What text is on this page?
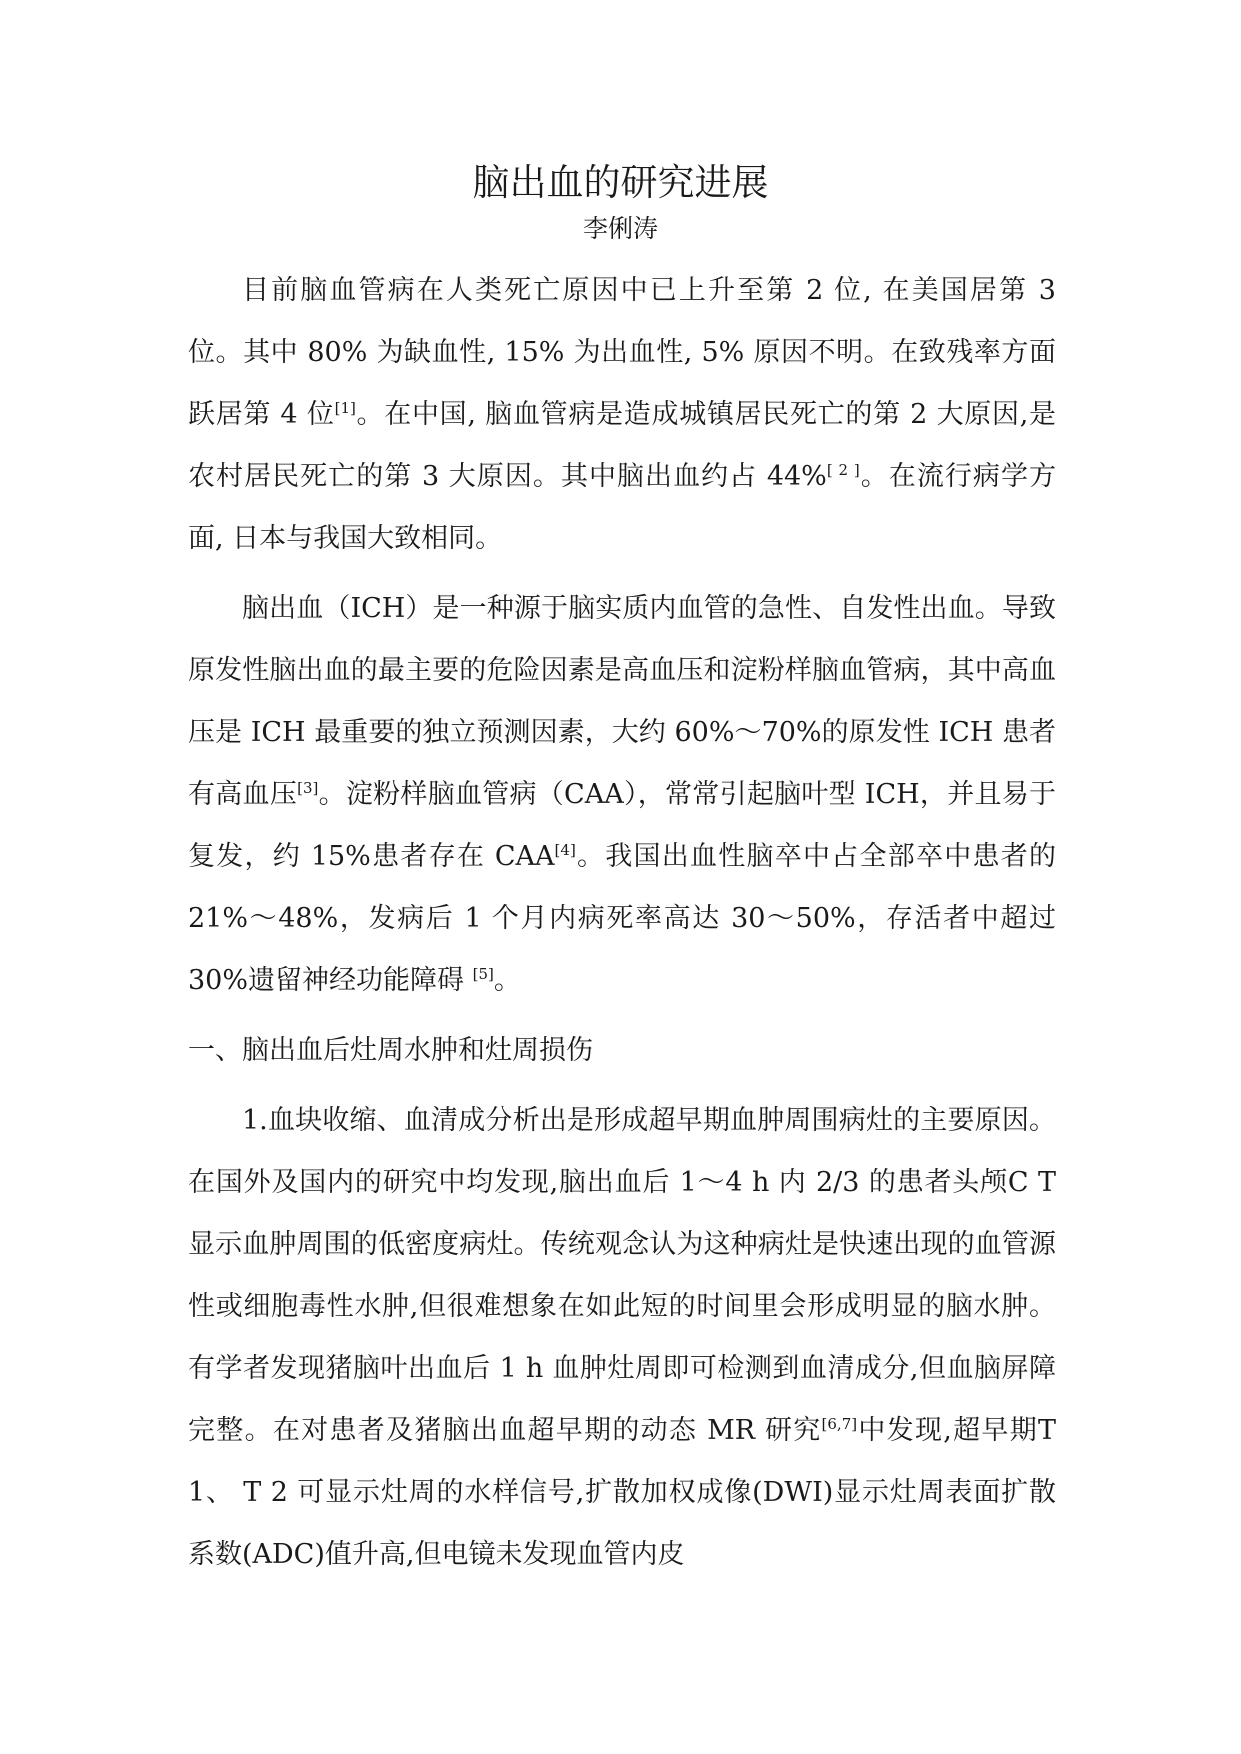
脑出血的研究进展
李俐涛

目前脑血管病在人类死亡原因中已上升至第 2 位, 在美国居第 3 位。其中 80% 为缺血性, 15% 为出血性, 5% 原因不明。在致残率方面跃居第 4 位[1]。在中国, 脑血管病是造成城镇居民死亡的第 2 大原因,是农村居民死亡的第 3 大原因。其中脑出血约占 44%[ 2 ]。在流行病学方面, 日本与我国大致相同。

脑出血（ICH）是一种源于脑实质内血管的急性、自发性出血。导致原发性脑出血的最主要的危险因素是高血压和淀粉样脑血管病，其中高血压是 ICH 最重要的独立预测因素，大约 60%～70%的原发性 ICH 患者有高血压[3]。淀粉样脑血管病（CAA），常常引起脑叶型 ICH，并且易于复发，约 15%患者存在 CAA[4]。我国出血性脑卒中占全部卒中患者的 21%～48%，发病后 1 个月内病死率高达 30～50%，存活者中超过 30%遗留神经功能障碍 [5]。

一、脑出血后灶周水肿和灶周损伤

1.血块收缩、血清成分析出是形成超早期血肿周围病灶的主要原因。在国外及国内的研究中均发现,脑出血后 1～4 h 内 2/3 的患者头颅C T显示血肿周围的低密度病灶。传统观念认为这种病灶是快速出现的血管源性或细胞毒性水肿,但很难想象在如此短的时间里会形成明显的脑水肿。有学者发现猪脑叶出血后 1 h 血肿灶周即可检测到血清成分,但血脑屏障完整。在对患者及猪脑出血超早期的动态 MR 研究[6,7]中发现,超早期T 1、 T 2 可显示灶周的水样信号,扩散加权成像(DWI)显示灶周表面扩散系数(ADC)值升高,但电镜未发现血管内皮
